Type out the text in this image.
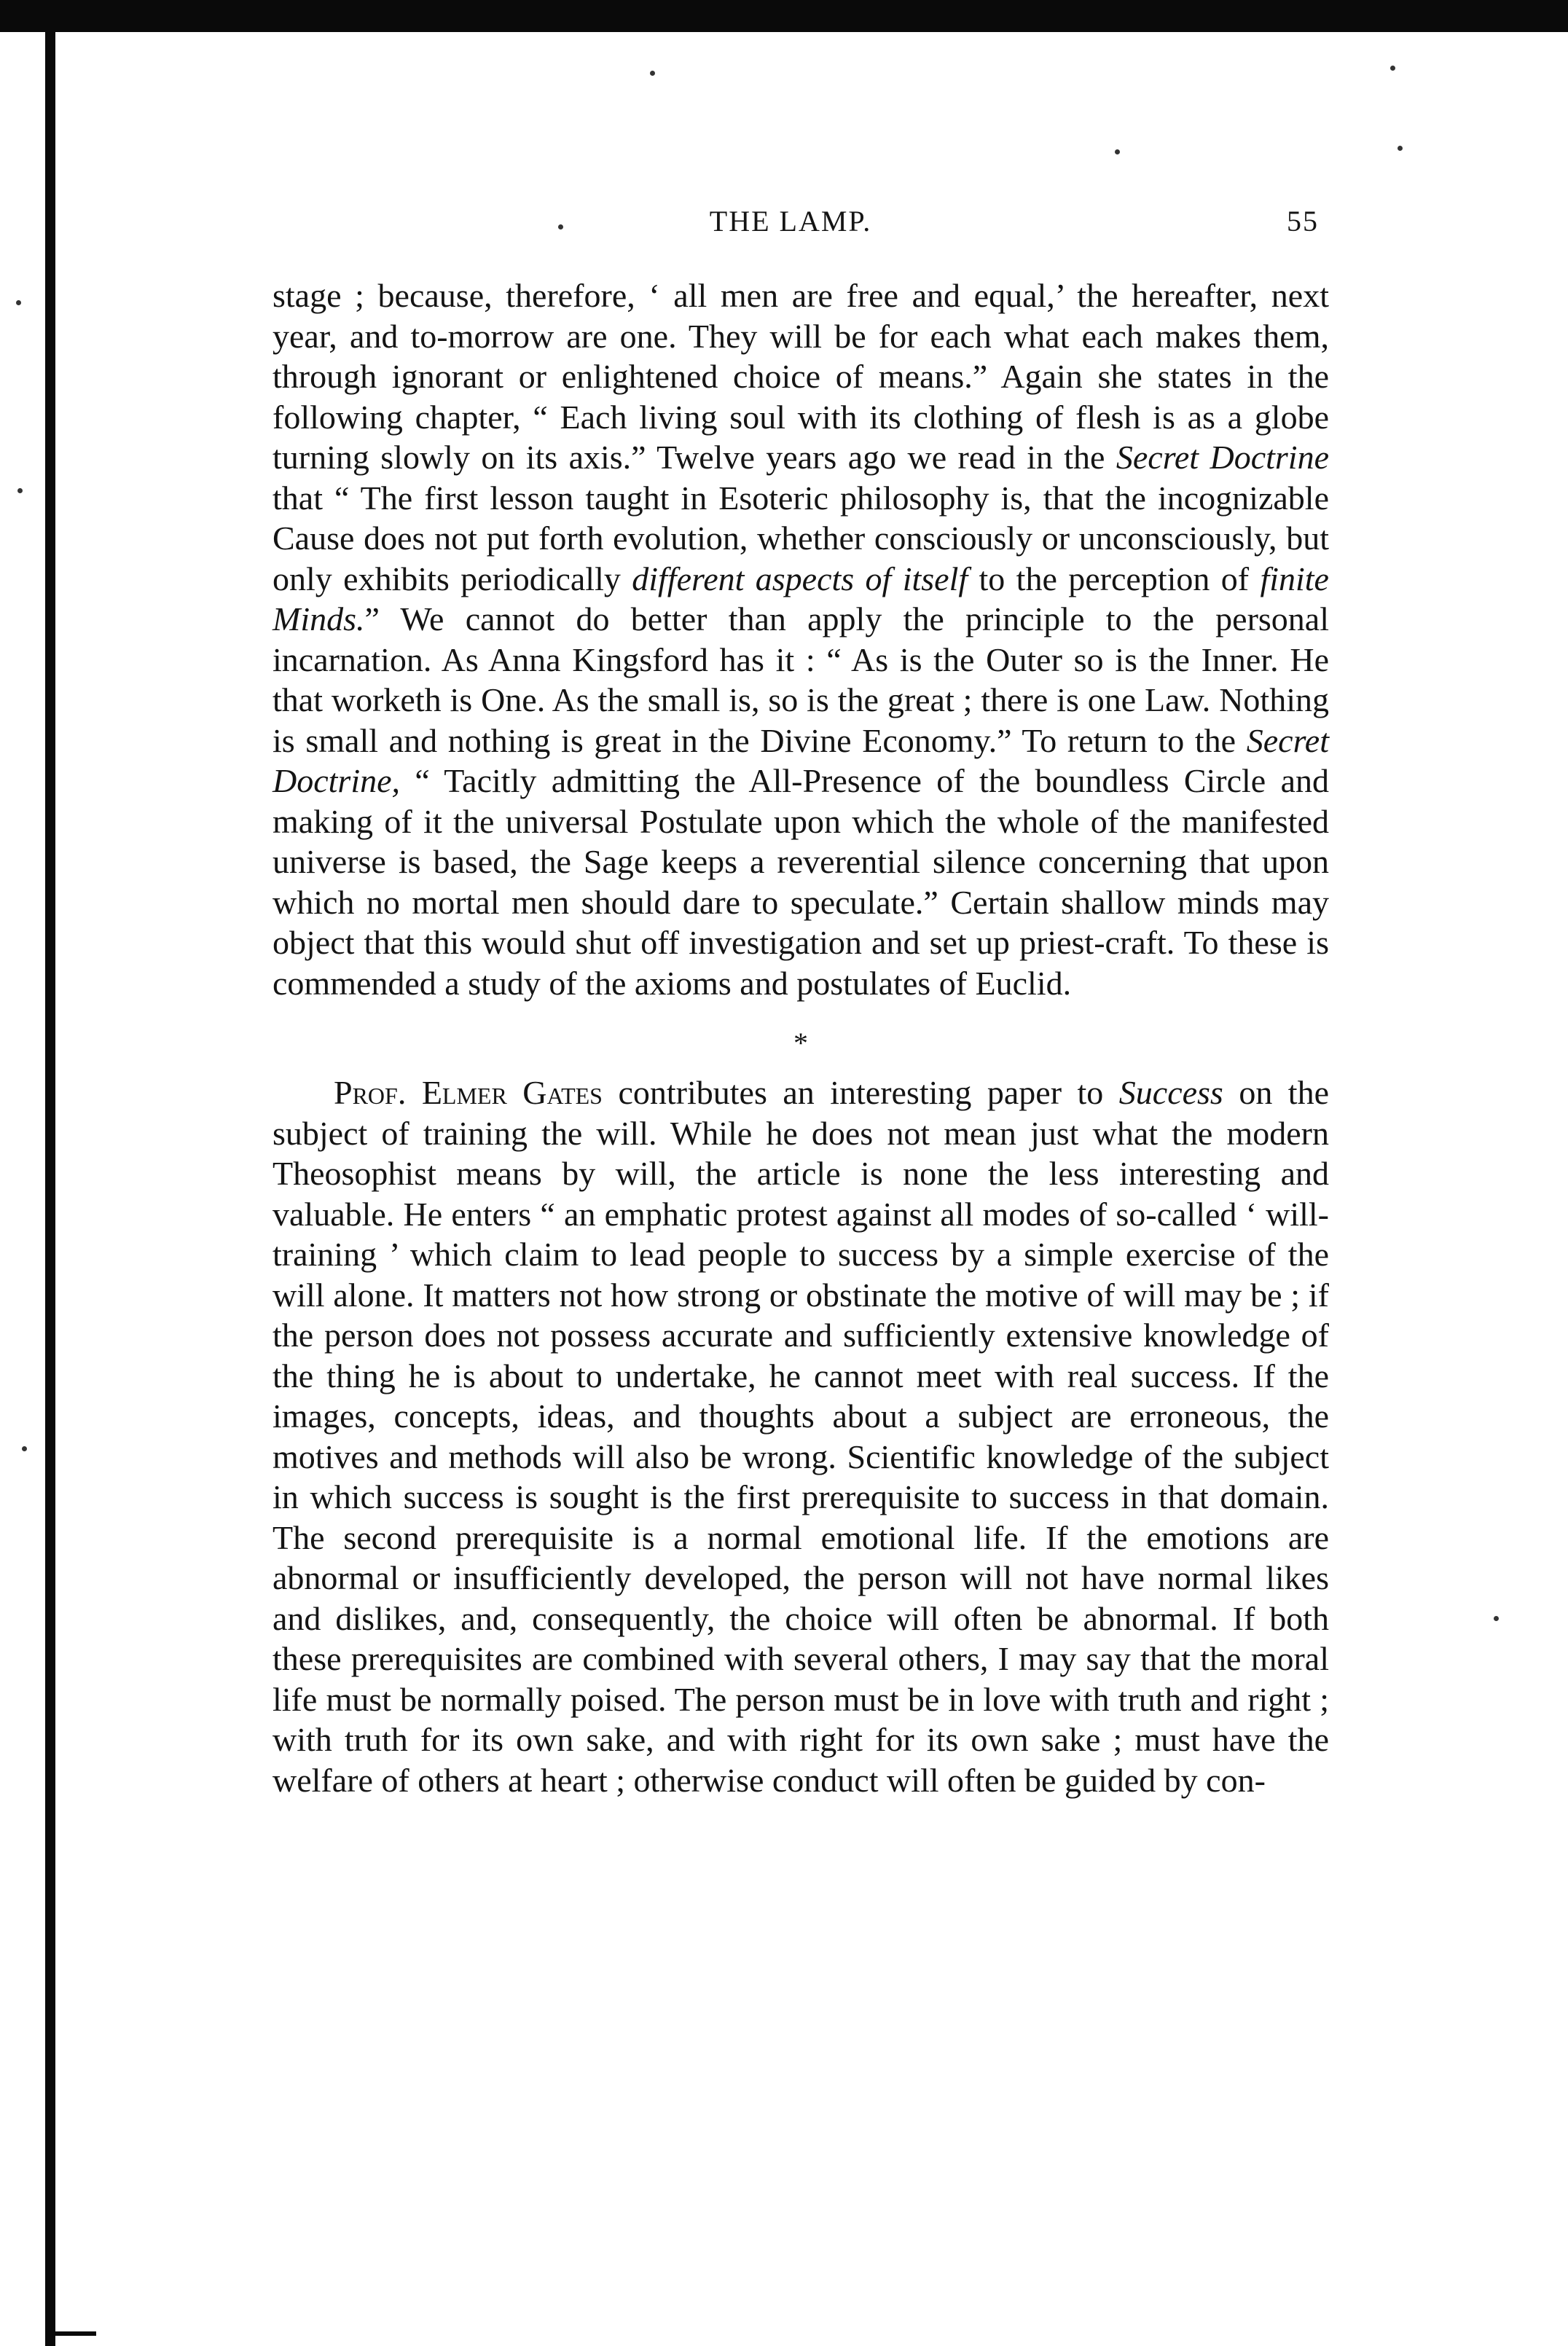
THE LAMP.	55

stage ; because, therefore, ‘ all men are free and equal,’ the hereafter, next year, and to-morrow are one. They will be for each what each makes them, through ignorant or enlightened choice of means.” Again she states in the following chapter, “ Each living soul with its clothing of flesh is as a globe turning slowly on its axis.” Twelve years ago we read in the Secret Doctrine that “ The first lesson taught in Esoteric philosophy is, that the incognizable Cause does not put forth evolution, whether consciously or unconsciously, but only exhibits periodically different aspects of itself to the perception of finite Minds.” We cannot do better than apply the principle to the personal incarnation. As Anna Kingsford has it : “ As is the Outer so is the Inner. He that worketh is One. As the small is, so is the great ; there is one Law. Nothing is small and nothing is great in the Divine Economy.” To return to the Secret Doctrine, “ Tacitly admitting the All-Presence of the boundless Circle and making of it the universal Postulate upon which the whole of the manifested universe is based, the Sage keeps a reverential silence concerning that upon which no mortal men should dare to speculate.” Certain shallow minds may object that this would shut off investigation and set up priest-craft. To these is commended a study of the axioms and postulates of Euclid.

*

Prof. Elmer Gates contributes an interesting paper to Success on the subject of training the will. While he does not mean just what the modern Theosophist means by will, the article is none the less interesting and valuable. He enters “ an emphatic protest against all modes of so-called ‘ will-training ’ which claim to lead people to success by a simple exercise of the will alone. It matters not how strong or obstinate the motive of will may be ; if the person does not possess accurate and sufficiently extensive knowledge of the thing he is about to undertake, he cannot meet with real success. If the images, concepts, ideas, and thoughts about a subject are erroneous, the motives and methods will also be wrong. Scientific knowledge of the subject in which success is sought is the first prerequisite to success in that domain. The second prerequisite is a normal emotional life. If the emotions are abnormal or insufficiently developed, the person will not have normal likes and dislikes, and, consequently, the choice will often be abnormal. If both these prerequisites are combined with several others, I may say that the moral life must be normally poised. The person must be in love with truth and right ; with truth for its own sake, and with right for its own sake ; must have the welfare of others at heart ; otherwise conduct will often be guided by con-
